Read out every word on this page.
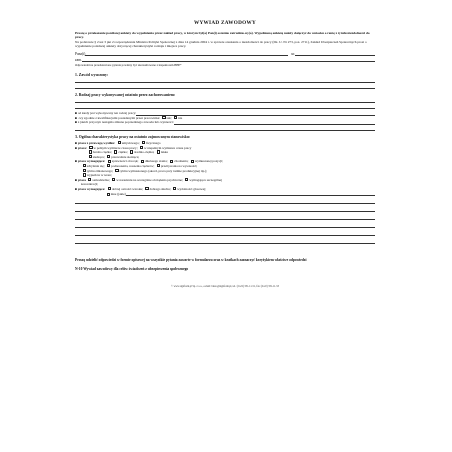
WYWIAD ZAWODOWY
Proszę o przekazanie poniższej ankiety do wypełnienia przez zakład pracy, w którym był(a) Pan(i) ostatnio zatrudnio-ny(a). Wypełnioną ankietę należy dołączyć do wniosku o rentę z tytułu niezdolności do pracy.
Na podstawie § 2 ust 3 pkt 2 rozporządzenia Ministra Polityki Społecznej z dnia 14 grudnia 2004 r. w sprawie orzekania o niezdolności do pracy (Dz. U. Nr 273, poz. 2711), Zakład Ubezpieczeń Społecznych prosi o wypełnienie poniższej ankiety dotyczącej charakterystyki rodzaju i miejsca pracy.
Pana(i)	ur.
zam.
Odpowiedzi na przedstawione pytania powinny być skonsultowane z inspektorem BHP*
1. Zawód wyuczony:
2. Rodzaj pracy wykonywanej ostatnio przez zachorowaniem:
■ od kiedy jest wykonywany ten rodzaj pracy:
■  czy zgodnie z kwalifikacjami posiadanymi przez pracownika: tak; nie
■ z jakich przyczyn nastąpiła zmiana poprzedniego zawodu lub czynności:
3. Ogólna charakterystyka pracy na ostatnio zajmowanym stanowisku:
■ praca z przewagą wysiłku: umysłowego; fizycznego
■ praca: w pełnym wymiarze czasu pracy; w niepełnym wymiarze czasu pracy
bardzo ciężka; ciężka; średnio-ciężka; lekka
siedząca; przeważnie siedząca;
■ praca wymagająca: sprawności obu rąk; dłuższego stania; chodzenia; wymuszonej pozycji;
schylania się; podnoszenia, noszenia ciężarów; przebywania na wysokości;
rytmu zmianowego; rytmu wymuszonego (akord, praca przy taśmie produkcyjnej itp.);
wyjazdów w teren;
■ praca samodzielna; w narażeniu na szczególne obciążenia psychiczne; wymagająca szczególnej
koncentracji;
■ praca wymagająca: dobrej ostrości wzroku; dobrego słuchu; wydolności głosowej;
inne (jakie)
Proszę udzielić odpowiedzi w formie opisowej na wszystkie pytania zawarte w formularzu oraz w kratkach zaznaczyć krzyżykiem właściwe odpowiedzi
N-10 Wywiad zawodowy dla celów świadczeń z ubezpieczenia społecznego
© www.signform.pl Sp. z o.o., e-mail: biuro@signform.pl, tel.: (0-22) 331-11-51, fax: (0-22) 331-11-53
